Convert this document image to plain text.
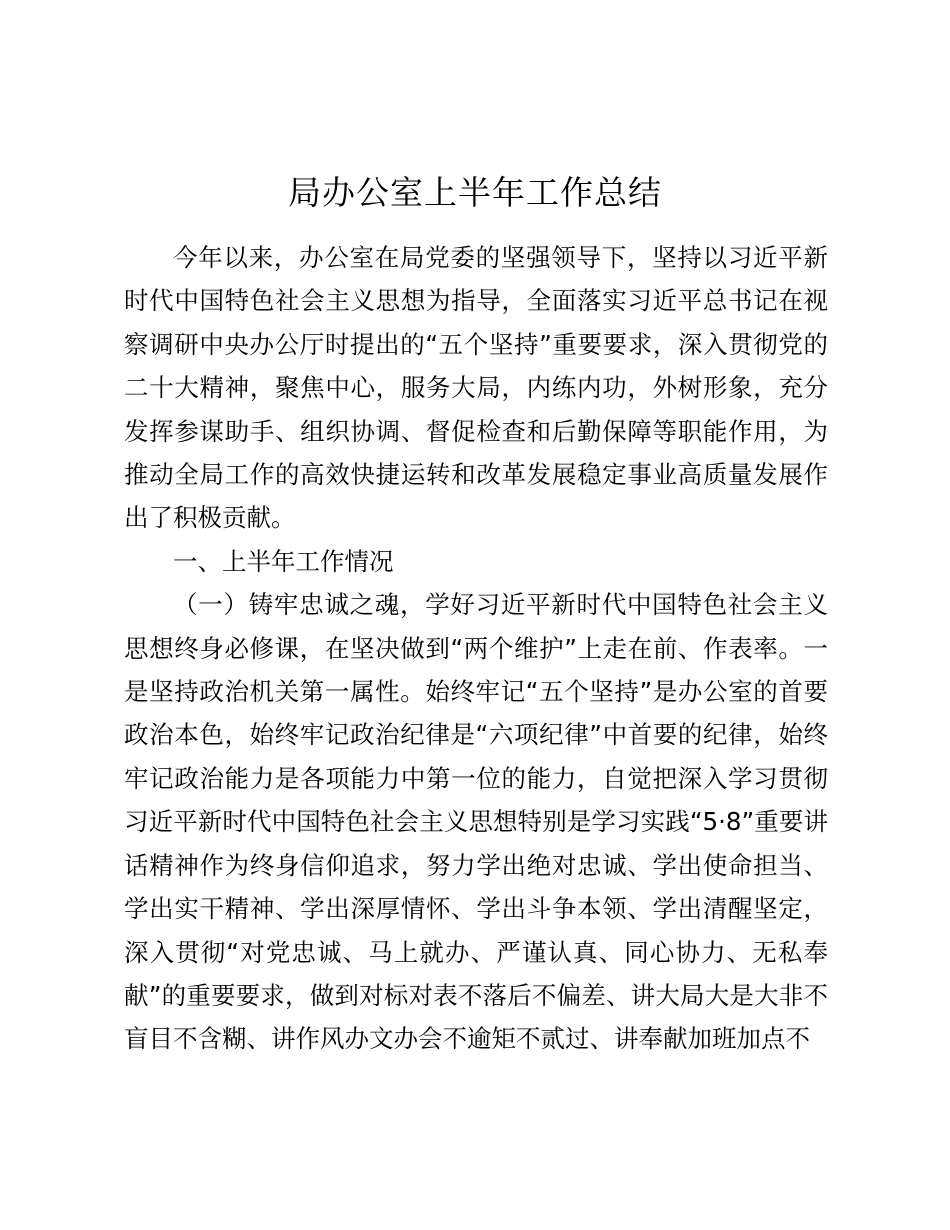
局办公室上半年工作总结

今年以来，办公室在局党委的坚强领导下，坚持以习近平新时代中国特色社会主义思想为指导，全面落实习近平总书记在视察调研中央办公厅时提出的“五个坚持”重要要求，深入贯彻党的二十大精神，聚焦中心，服务大局，内练内功，外树形象，充分发挥参谋助手、组织协调、督促检查和后勤保障等职能作用，为推动全局工作的高效快捷运转和改革发展稳定事业高质量发展作出了积极贡献。

一、上半年工作情况

（一）铸牢忠诚之魂，学好习近平新时代中国特色社会主义思想终身必修课，在坚决做到“两个维护”上走在前、作表率。一是坚持政治机关第一属性。始终牢记“五个坚持”是办公室的首要政治本色，始终牢记政治纪律是“六项纪律”中首要的纪律，始终牢记政治能力是各项能力中第一位的能力，自觉把深入学习贯彻习近平新时代中国特色社会主义思想特别是学习实践“5·8”重要讲话精神作为终身信仰追求，努力学出绝对忠诚、学出使命担当、学出实干精神、学出深厚情怀、学出斗争本领、学出清醒坚定，深入贯彻“对党忠诚、马上就办、严谨认真、同心协力、无私奉献”的重要要求，做到对标对表不落后不偏差、讲大局大是大非不盲目不含糊、讲作风办文办会不逾矩不贰过、讲奉献加班加点不
